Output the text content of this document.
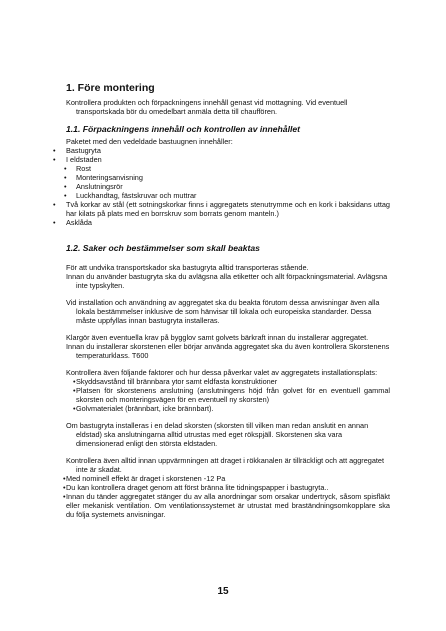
1. Före montering

Kontrollera produkten och förpackningens innehåll genast vid mottagning. Vid eventuell transportskada bör du omedelbart anmäla detta till chauffören.

1.1. Förpackningens innehåll och kontrollen av innehållet

Paketet med den vedeldade bastuugnen innehåller:

• Bastugryta
• I eldstaden
• Rost
• Monteringsanvisning
• Anslutningsrör
• Luckhandtag, fästskruvar och muttrar
• Två korkar av stål (ett sotningskorkar finns i aggregatets stenutrymme och en kork i baksidans uttag har kilats på plats med en borrskruv som borrats genom manteln.)
• Asklåda
1.2. Saker och bestämmelser som skall beaktas

För att undvika transportskador ska bastugryta alltid transporteras stående.

Innan du använder bastugryta ska du avlägsna alla etiketter och allt förpackningsmaterial. Avlägsna inte typskylten.

Vid installation och användning av aggregatet ska du beakta förutom dessa anvisningar även alla lokala bestämmelser inklusive de som hänvisar till lokala och europeiska standarder. Dessa måste uppfyllas innan bastugryta installeras.

Klargör även eventuella krav på bygglov samt golvets bärkraft innan du installerar aggregatet.

Innan du installerar skorstenen eller börjar använda aggregatet ska du även kontrollera Skorstenens temperaturklass. T600

Kontrollera även följande faktorer och hur dessa påverkar valet av aggregatets installationsplats:

• Skyddsavstånd till brännbara ytor samt eldfasta konstruktioner
• Platsen för skorstenens anslutning (anslutningens höjd från golvet för en eventuell gammal skorsten och monteringsvägen för en eventuell ny skorsten)
• Golvmaterialet (brännbart, icke brännbart).

Om bastugryta installeras i en delad skorsten (skorsten till vilken man redan anslutit en annan eldstad) ska anslutningarna alltid utrustas med eget rökspjäll. Skorstenen ska vara dimensionerad enligt den största eldstaden.

Kontrollera även alltid innan uppvärmningen att draget i rökkanalen är tillräckligt och att aggregatet inte är skadat.

• Med nominell effekt är draget i skorstenen -12 Pa
• Du kan kontrollera draget genom att först bränna lite tidningspapper i bastugryta..
• Innan du tänder aggregatet stänger du av alla anordningar som orsakar undertryck, såsom spisfläkt eller mekanisk ventilation. Om ventilationssystemet är utrustat med braständningsomkopplare ska du följa systemets anvisningar.
15
